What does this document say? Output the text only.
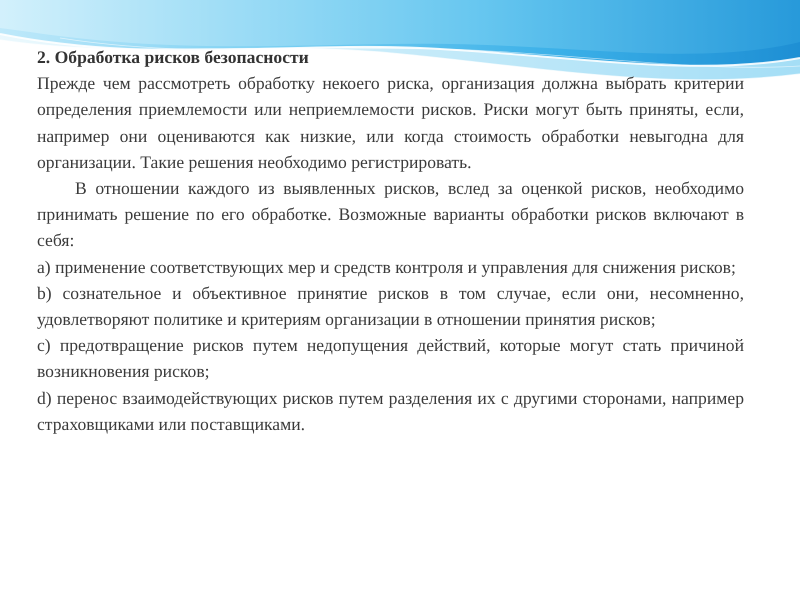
2. Обработка рисков безопасности

Прежде чем рассмотреть обработку некоего риска, организация должна выбрать критерии определения приемлемости или неприемлемости рисков. Риски могут быть приняты, если, например они оцениваются как низкие, или когда стоимость обработки невыгодна для организации. Такие решения необходимо регистрировать.

В отношении каждого из выявленных рисков, вслед за оценкой рисков, необходимо принимать решение по его обработке. Возможные варианты обработки рисков включают в себя:

а) применение соответствующих мер и средств контроля и управления для снижения рисков;

b) сознательное и объективное принятие рисков в том случае, если они, несомненно, удовлетворяют политике и критериям организации в отношении принятия рисков;

c) предотвращение рисков путем недопущения действий, которые могут стать причиной возникновения рисков;

d) перенос взаимодействующих рисков путем разделения их с другими сторонами, например страховщиками или поставщиками.
